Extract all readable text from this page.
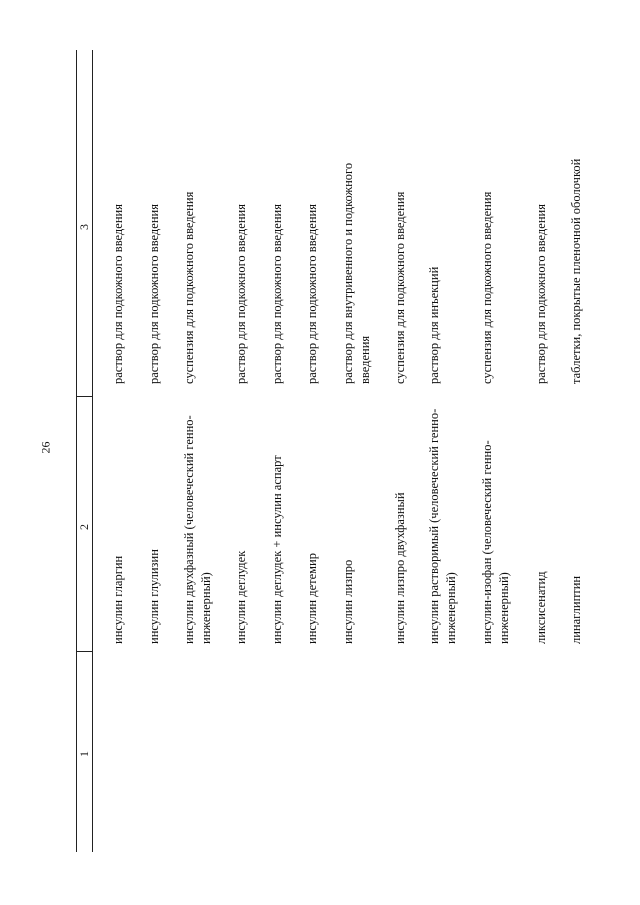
26
1
2
3
инсулин гларгин
раствор для подкожного введения
инсулин глулизин
раствор для подкожного введения
инсулин двухфазный (человеческий генно-инженерный)
суспензия для подкожного введения
инсулин деглудек
раствор для подкожного введения
инсулин деглудек + инсулин аспарт
раствор для подкожного введения
инсулин детемир
раствор для подкожного введения
инсулин лизпро
раствор для внутривенного и подкожного введения
инсулин лизпро двухфазный
суспензия для подкожного введения
инсулин растворимый (человеческий генно-инженерный)
раствор для инъекций
инсулин-изофан (человеческий генно-инженерный)
суспензия для подкожного введения
ликсисенатид
раствор для подкожного введения
линаглиптин
таблетки, покрытые пленочной оболочкой
